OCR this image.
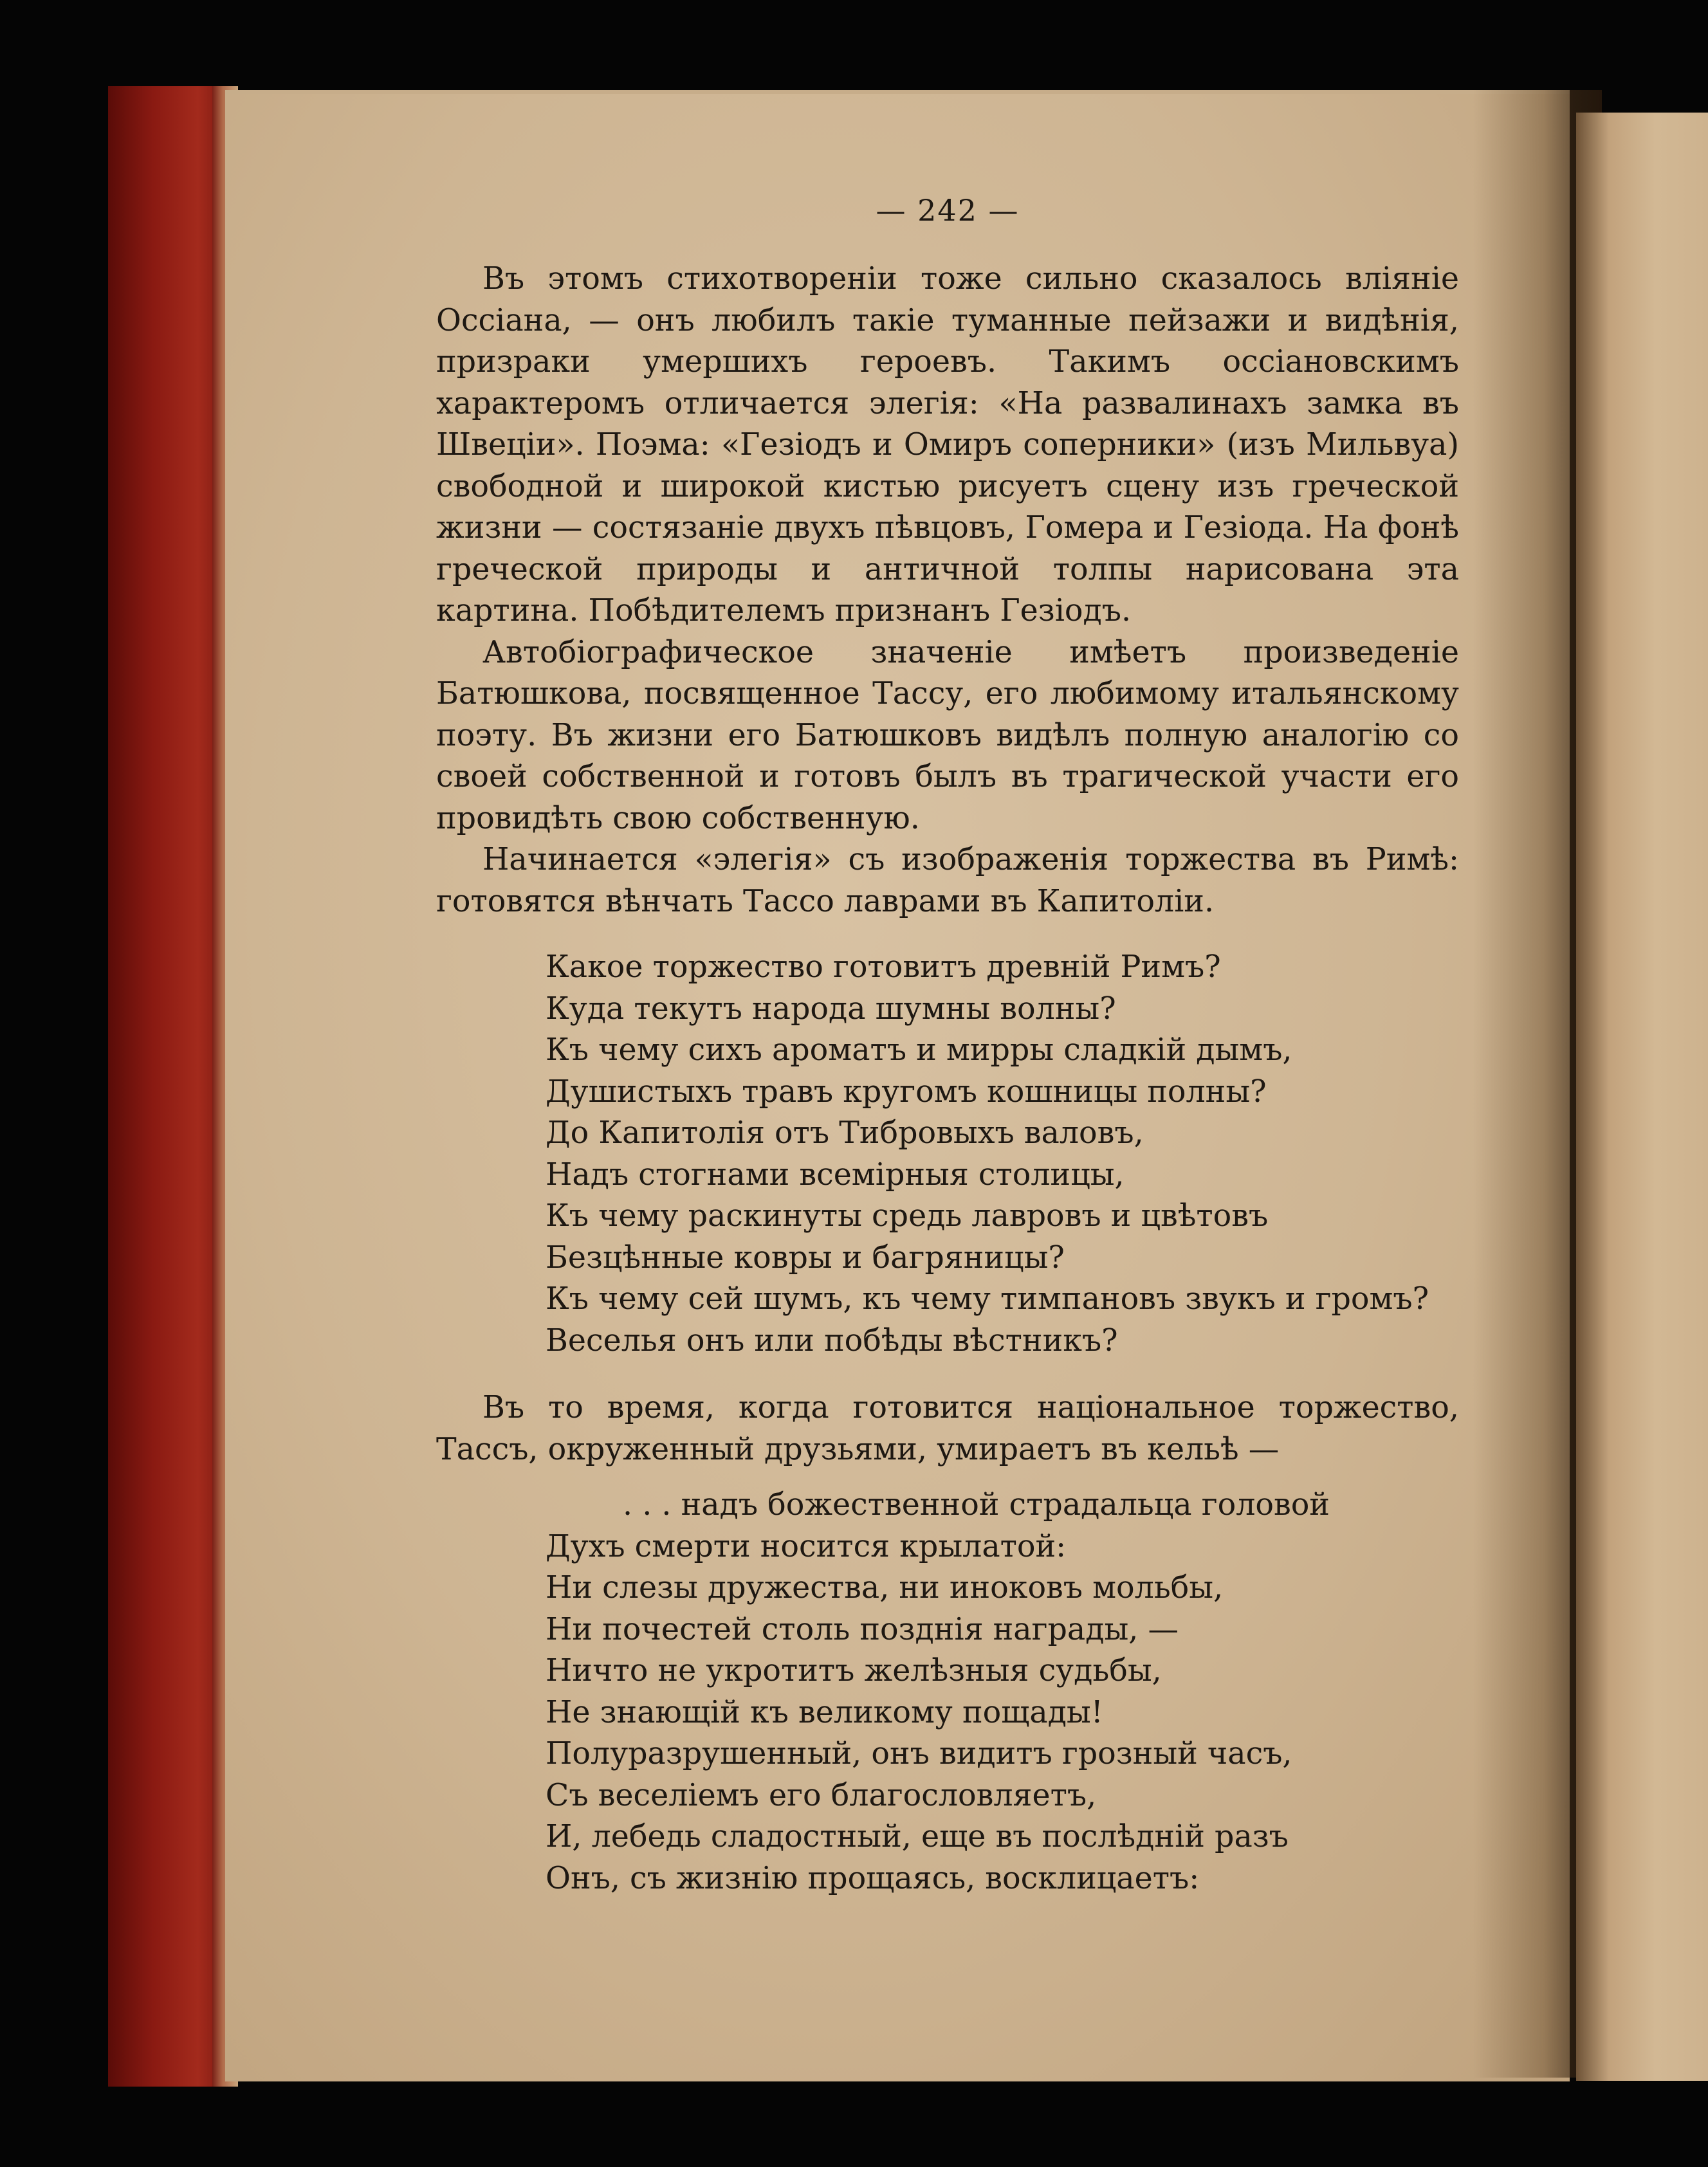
— 242 —

Въ этомъ стихотвореніи тоже сильно сказалось вліяніе Оссіана, — онъ любилъ такіе туманные пейзажи и видѣнія, призраки умершихъ героевъ. Такимъ оссіановскимъ характеромъ отличается элегія: «На развалинахъ замка въ Швеціи». Поэма: «Гезіодъ и Омиръ соперники» (изъ Мильвуа) свободной и широкой кистью рисуетъ сцену изъ греческой жизни — состязаніе двухъ пѣвцовъ, Гомера и Гезіода. На фонѣ греческой природы и античной толпы нарисована эта картина. Побѣдителемъ признанъ Гезіодъ.

Автобіографическое значеніе имѣетъ произведеніе Батюшкова, посвященное Тассу, его любимому итальянскому поэту. Въ жизни его Батюшковъ видѣлъ полную аналогію со своей собственной и готовъ былъ въ трагической участи его провидѣть свою собственную.

Начинается «элегія» съ изображенія торжества въ Римѣ: готовятся вѣнчать Тассо лаврами въ Капитоліи.

Какое торжество готовитъ древній Римъ?
Куда текутъ народа шумны волны?
Къ чему сихъ ароматъ и мирры сладкій дымъ,
Душистыхъ травъ кругомъ кошницы полны?
До Капитолія отъ Тибровыхъ валовъ,
Надъ стогнами всемірныя столицы,
Къ чему раскинуты средь лавровъ и цвѣтовъ
Безцѣнные ковры и багряницы?
Къ чему сей шумъ, къ чему тимпановъ звукъ и громъ?
Веселья онъ или побѣды вѣстникъ?

Въ то время, когда готовится національное торжество, Тассъ, окруженный друзьями, умираетъ въ кельѣ —

. . . надъ божественной страдальца головой
Духъ смерти носится крылатой:
Ни слезы дружества, ни иноковъ мольбы,
Ни почестей столь позднія награды, —
Ничто не укротитъ желѣзныя судьбы,
Не знающій къ великому пощады!
Полуразрушенный, онъ видитъ грозный часъ,
Съ веселіемъ его благословляетъ,
И, лебедь сладостный, еще въ послѣдній разъ
Онъ, съ жизнію прощаясь, восклицаетъ:
